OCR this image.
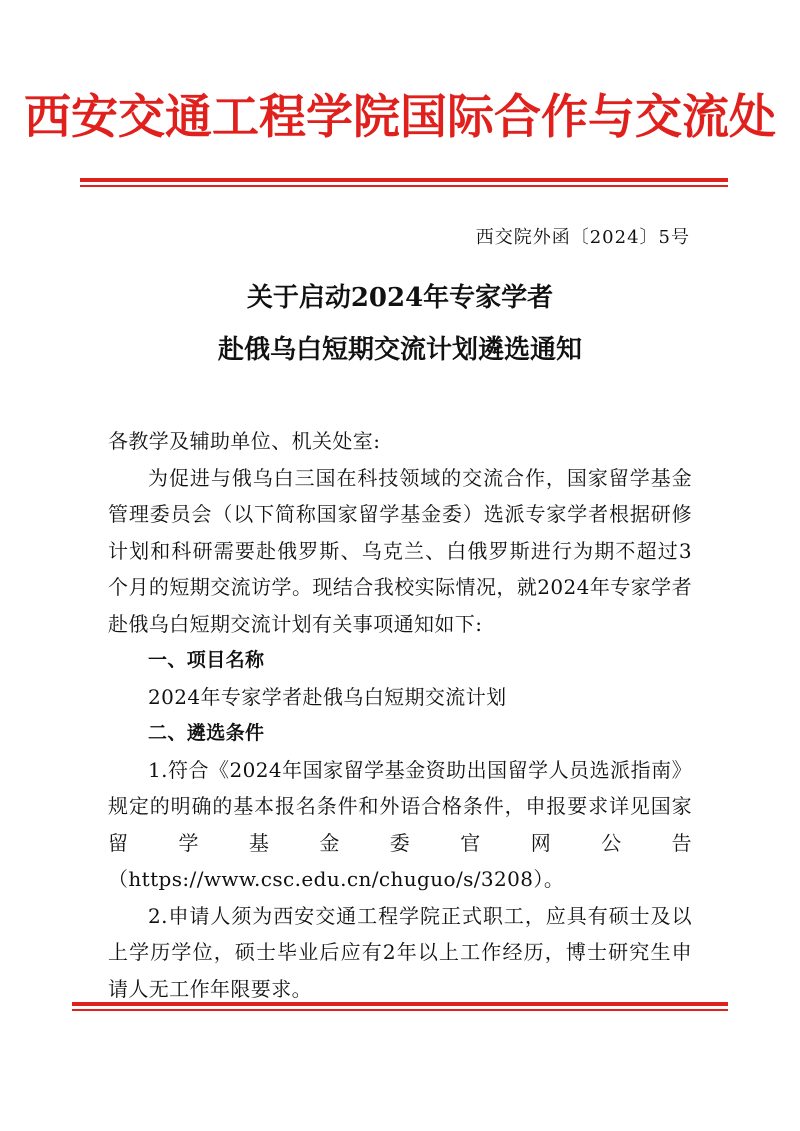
西安交通工程学院国际合作与交流处
西交院外函〔2024〕5号
关于启动2024年专家学者
赴俄乌白短期交流计划遴选通知

各教学及辅助单位、机关处室:

为促进与俄乌白三国在科技领域的交流合作，国家留学基金管理委员会（以下简称国家留学基金委）选派专家学者根据研修计划和科研需要赴俄罗斯、乌克兰、白俄罗斯进行为期不超过3个月的短期交流访学。现结合我校实际情况，就2024年专家学者赴俄乌白短期交流计划有关事项通知如下:

一、项目名称

2024年专家学者赴俄乌白短期交流计划

二、遴选条件

1.符合《2024年国家留学基金资助出国留学人员选派指南》规定的明确的基本报名条件和外语合格条件，申报要求详见国家留学基金委官网公告（https://www.csc.edu.cn/chuguo/s/3208）。

2.申请人须为西安交通工程学院正式职工，应具有硕士及以上学历学位，硕士毕业后应有2年以上工作经历，博士研究生申请人无工作年限要求。
